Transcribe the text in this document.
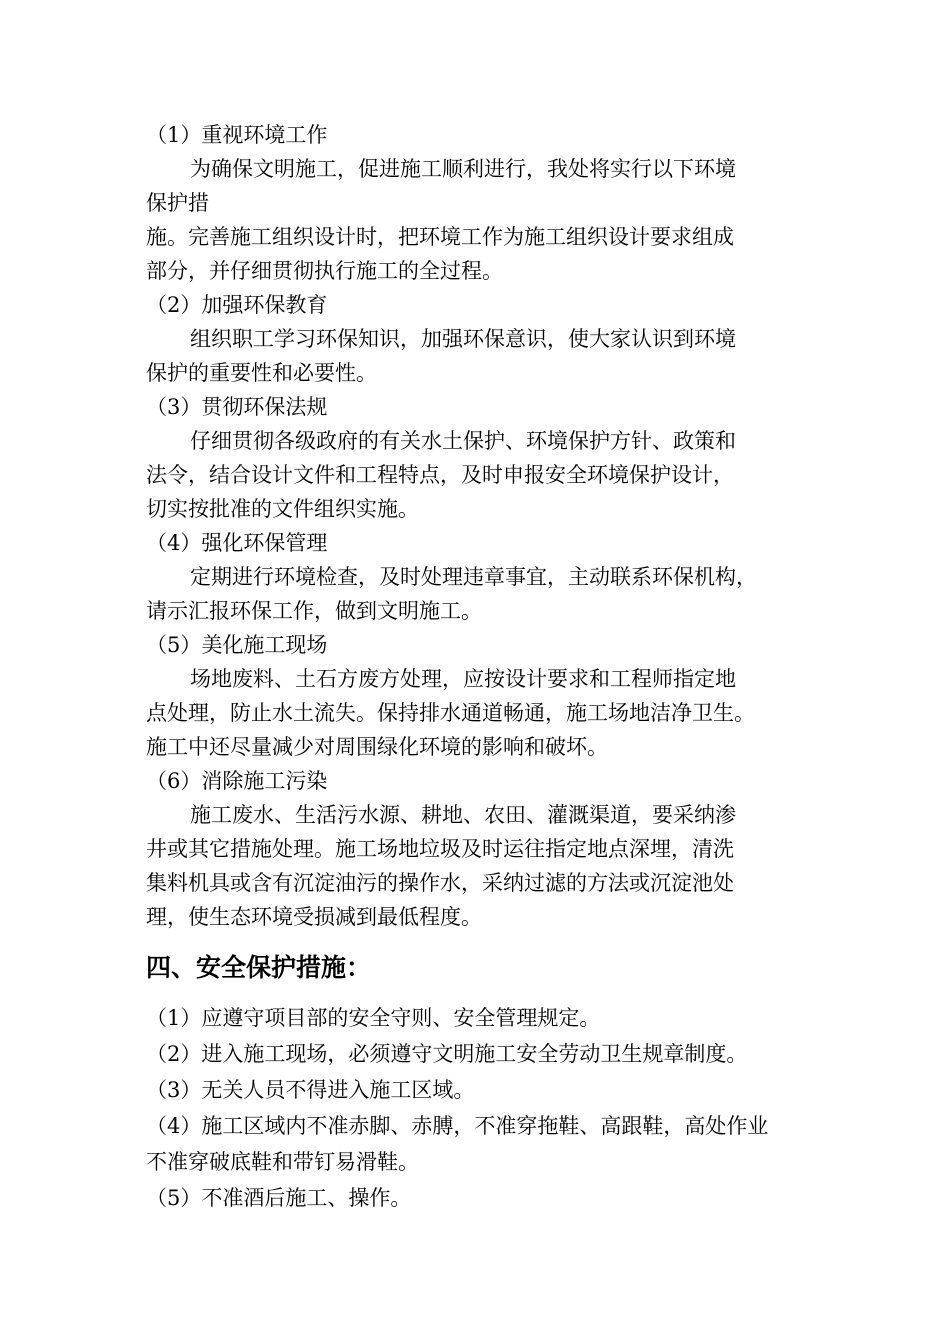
（1）重视环境工作

为确保文明施工，促进施工顺利进行，我处将实行以下环境
保护措
施。完善施工组织设计时，把环境工作为施工组织设计要求组成
部分，并仔细贯彻执行施工的全过程。

（2）加强环保教育

组织职工学习环保知识，加强环保意识，使大家认识到环境
保护的重要性和必要性。

（3）贯彻环保法规

仔细贯彻各级政府的有关水土保护、环境保护方针、政策和
法令，结合设计文件和工程特点，及时申报安全环境保护设计，
切实按批准的文件组织实施。

（4）强化环保管理

定期进行环境检查，及时处理违章事宜，主动联系环保机构，
请示汇报环保工作，做到文明施工。

（5）美化施工现场

场地废料、土石方废方处理，应按设计要求和工程师指定地
点处理，防止水土流失。保持排水通道畅通，施工场地洁净卫生。
施工中还尽量减少对周围绿化环境的影响和破坏。

（6）消除施工污染

施工废水、生活污水源、耕地、农田、灌溉渠道，要采纳渗
井或其它措施处理。施工场地垃圾及时运往指定地点深埋，清洗
集料机具或含有沉淀油污的操作水，采纳过滤的方法或沉淀池处
理，使生态环境受损减到最低程度。

四、安全保护措施：

（1）应遵守项目部的安全守则、安全管理规定。

（2）进入施工现场，必须遵守文明施工安全劳动卫生规章制度。

（3）无关人员不得进入施工区域。

（4）施工区域内不准赤脚、赤膊，不准穿拖鞋、高跟鞋，高处作业
不准穿破底鞋和带钉易滑鞋。

（5）不准酒后施工、操作。
